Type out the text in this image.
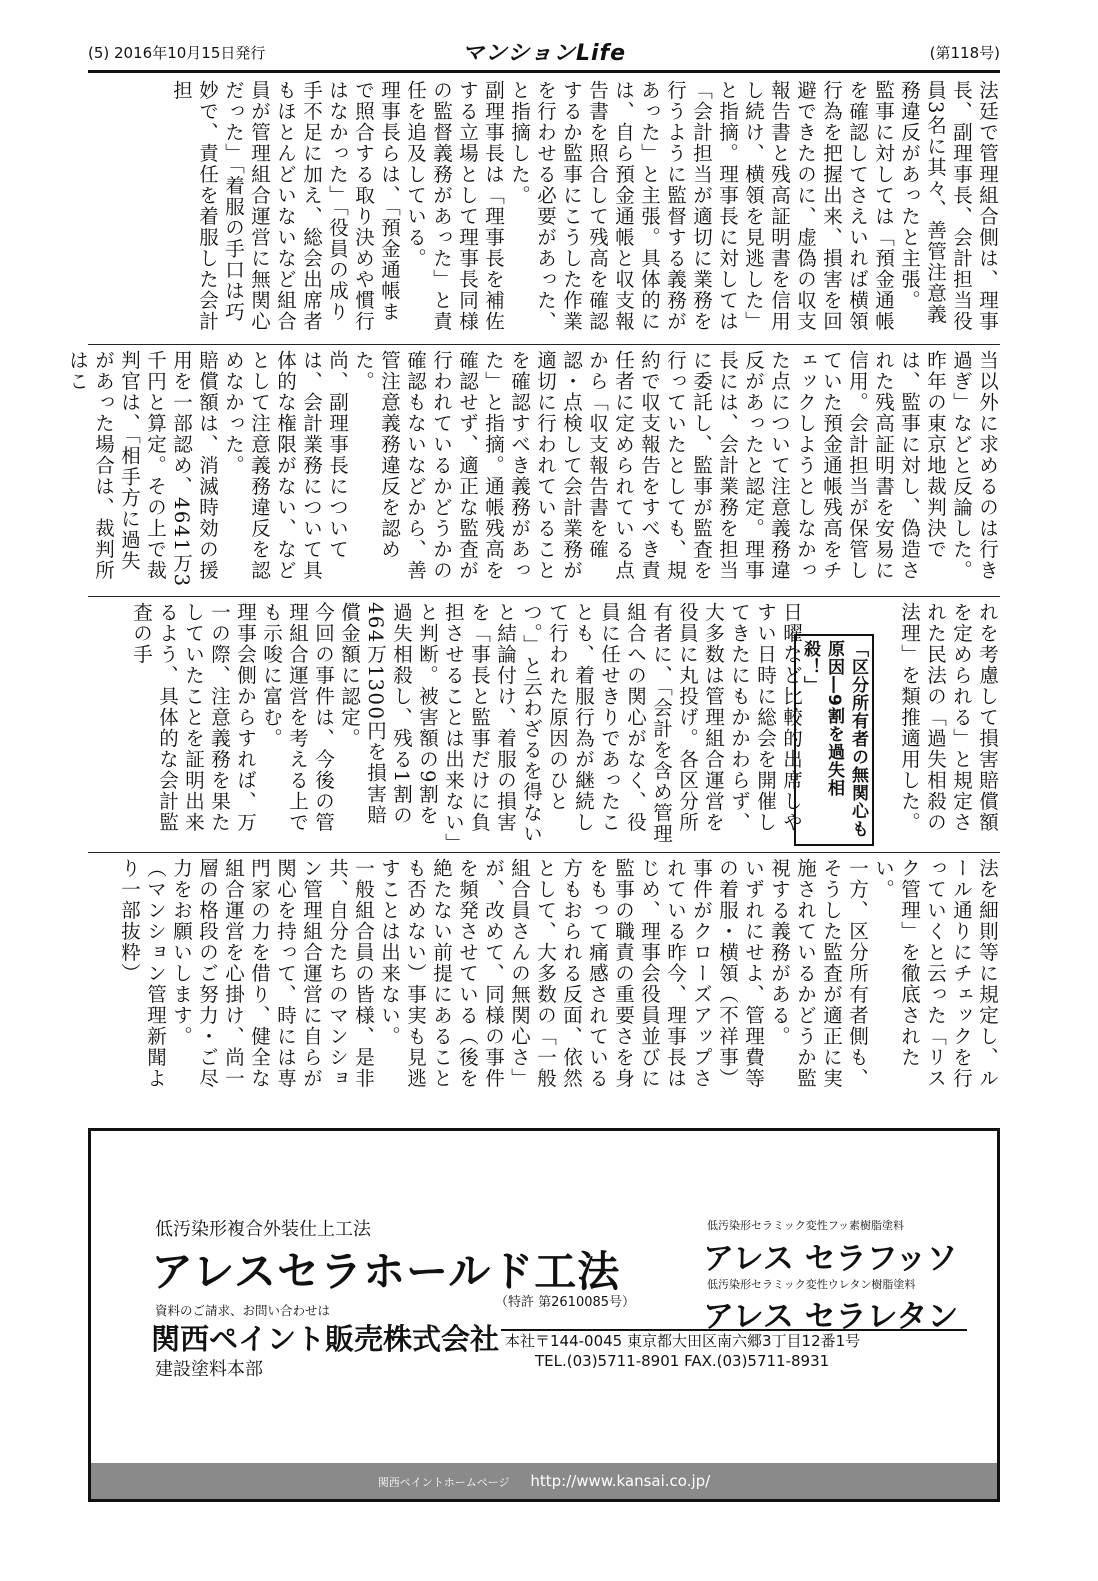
(5) 2016年10月15日発行	マンションLife	(第118号)
法廷で管理組合側は、理事長、副理事長、会計担当役員3名に其々、善管注意義務違反があったと主張。
監事に対しては「預金通帳を確認してさえいれば横領行為を把握出来、損害を回避できたのに、虚偽の収支報告書と残高証明書を信用し続け、横領を見逃した」と指摘。理事長に対しては「会計担当が適切に業務を行うように監督する義務があった」と主張。具体的には、自ら預金通帳と収支報告書を照合して残高を確認するか監事にこうした作業を行わせる必要があった、と指摘した。
副理事長は「理事長を補佐する立場として理事長同様の監督義務があった」と責任を追及している。
理事長らは、「預金通帳まで照合する取り決めや慣行はなかった」「役員の成り手不足に加え、総会出席者もほとんどいないなど組合員が管理組合運営に無関心だった」「着服の手口は巧妙で、責任を着服した会計担
当以外に求めるのは行き過ぎ」などと反論した。昨年の東京地裁判決では、監事に対し、偽造された残高証明書を安易に信用。会計担当が保管していた預金通帳残高をチェックしようとしなかった点について注意義務違反があったと認定。理事長には、会計業務を担当に委託し、監事が監査を行っていたとしても、規約で収支報告をすべき責任者に定められている点から「収支報告書を確認・点検して会計業務が適切に行われていることを確認すべき義務があった」と指摘。通帳残高を確認せず、適正な監査が行われているかどうかの確認もないなどから、善管注意義務違反を認めた。
尚、副理事長については、会計業務について具体的な権限がない、などとして注意義務違反を認めなかった。
賠償額は、消滅時効の援用を一部認め、4641万3千円と算定。その上で裁判官は、「相手方に過失があった場合は、裁判所はこ
れを考慮して損害賠償額を定められる」と規定された民法の「過失相殺の法理」を類推適用した。
「区分所有者の無関心も原因―9割を過失相殺！」
日曜など比較的出席しやすい日時に総会を開催してきたにもかかわらず、大多数は管理組合運営を役員に丸投げ。各区分所有者に、「会計を含め管理組合への関心がなく、役員に任せきりであったことも、着服行為が継続して行われた原因のひとつ。」と云わざるを得ないと結論付け、着服の損害を「事長と監事だけに負担させることは出来ない」と判断。被害額の9割を過失相殺し、残る1割の464万1300円を損害賠償金額に認定。
今回の事件は、今後の管理組合運営を考える上でも示唆に富む。
理事会側からすれば、万一の際、注意義務を果たしていたことを証明出来るよう、具体的な会計監査の手
法を細則等に規定し、ルール通りにチェックを行っていくと云った「リスク管理」を徹底されたい。
一方、区分所有者側も、そうした監査が適正に実施されているかどうか監視する義務がある。
いずれにせよ、管理費等の着服・横領（不祥事）事件がクローズアップされている昨今、理事長はじめ、理事会役員並びに監事の職責の重要さを身をもって痛感されている方もおられる反面、依然として、大多数の「一般組合員さんの無関心さ」が、改めて、同様の事件を頻発させている（後を絶たない前提にあることも否めない）事実も見逃すことは出来ない。
一般組合員の皆様、是非共、自分たちのマンション管理組合運営に自らが関心を持って、時には専門家の力を借り、健全な組合運営を心掛け、尚一層の格段のご努力・ご尽力をお願いします。
（マンション管理新聞より一部抜粋）
低汚染形複合外装仕上工法
アレスセラホールド工法
（特許 第2610085号）
資料のご請求、お問い合わせは
関西ペイント販売株式会社
建設塗料本部
本社〒144-0045 東京都大田区南六郷3丁目12番1号
TEL.(03)5711-8901 FAX.(03)5711-8931
低汚染形セラミック変性フッ素樹脂塗料
アレス セラフッソ
低汚染形セラミック変性ウレタン樹脂塗料
アレス セラレタン
関西ペイントホームページ http://www.kansai.co.jp/
